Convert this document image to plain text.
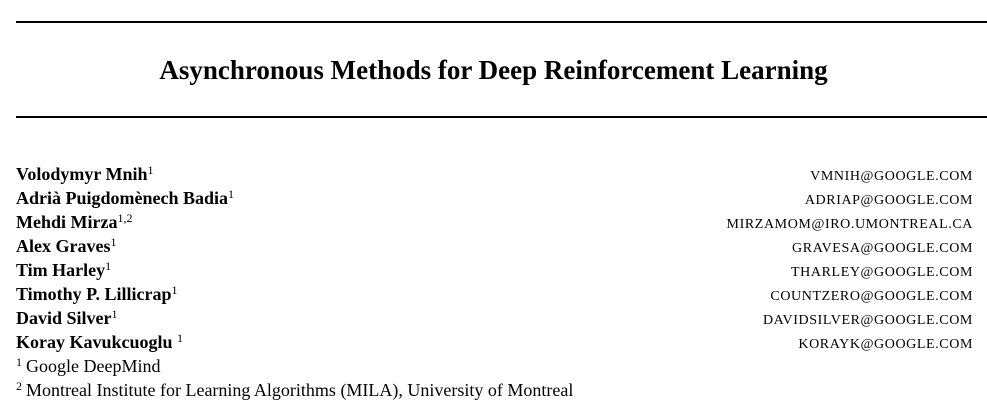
Asynchronous Methods for Deep Reinforcement Learning
Volodymyr Mnih$^1$	VMNIH@GOOGLE.COM
Adrià Puigdomènech Badia$^1$	ADRIAP@GOOGLE.COM
Mehdi Mirza$^{1,2}$	MIRZAMOM@IRO.UMONTREAL.CA
Alex Graves$^1$	GRAVESA@GOOGLE.COM
Tim Harley$^1$	THARLEY@GOOGLE.COM
Timothy P. Lillicrap$^1$	COUNTZERO@GOOGLE.COM
David Silver$^1$	DAVIDSILVER@GOOGLE.COM
Koray Kavukcuoglu $^1$	KORAYK@GOOGLE.COM
$^1$ Google DeepMind
$^2$ Montreal Institute for Learning Algorithms (MILA), University of Montreal
